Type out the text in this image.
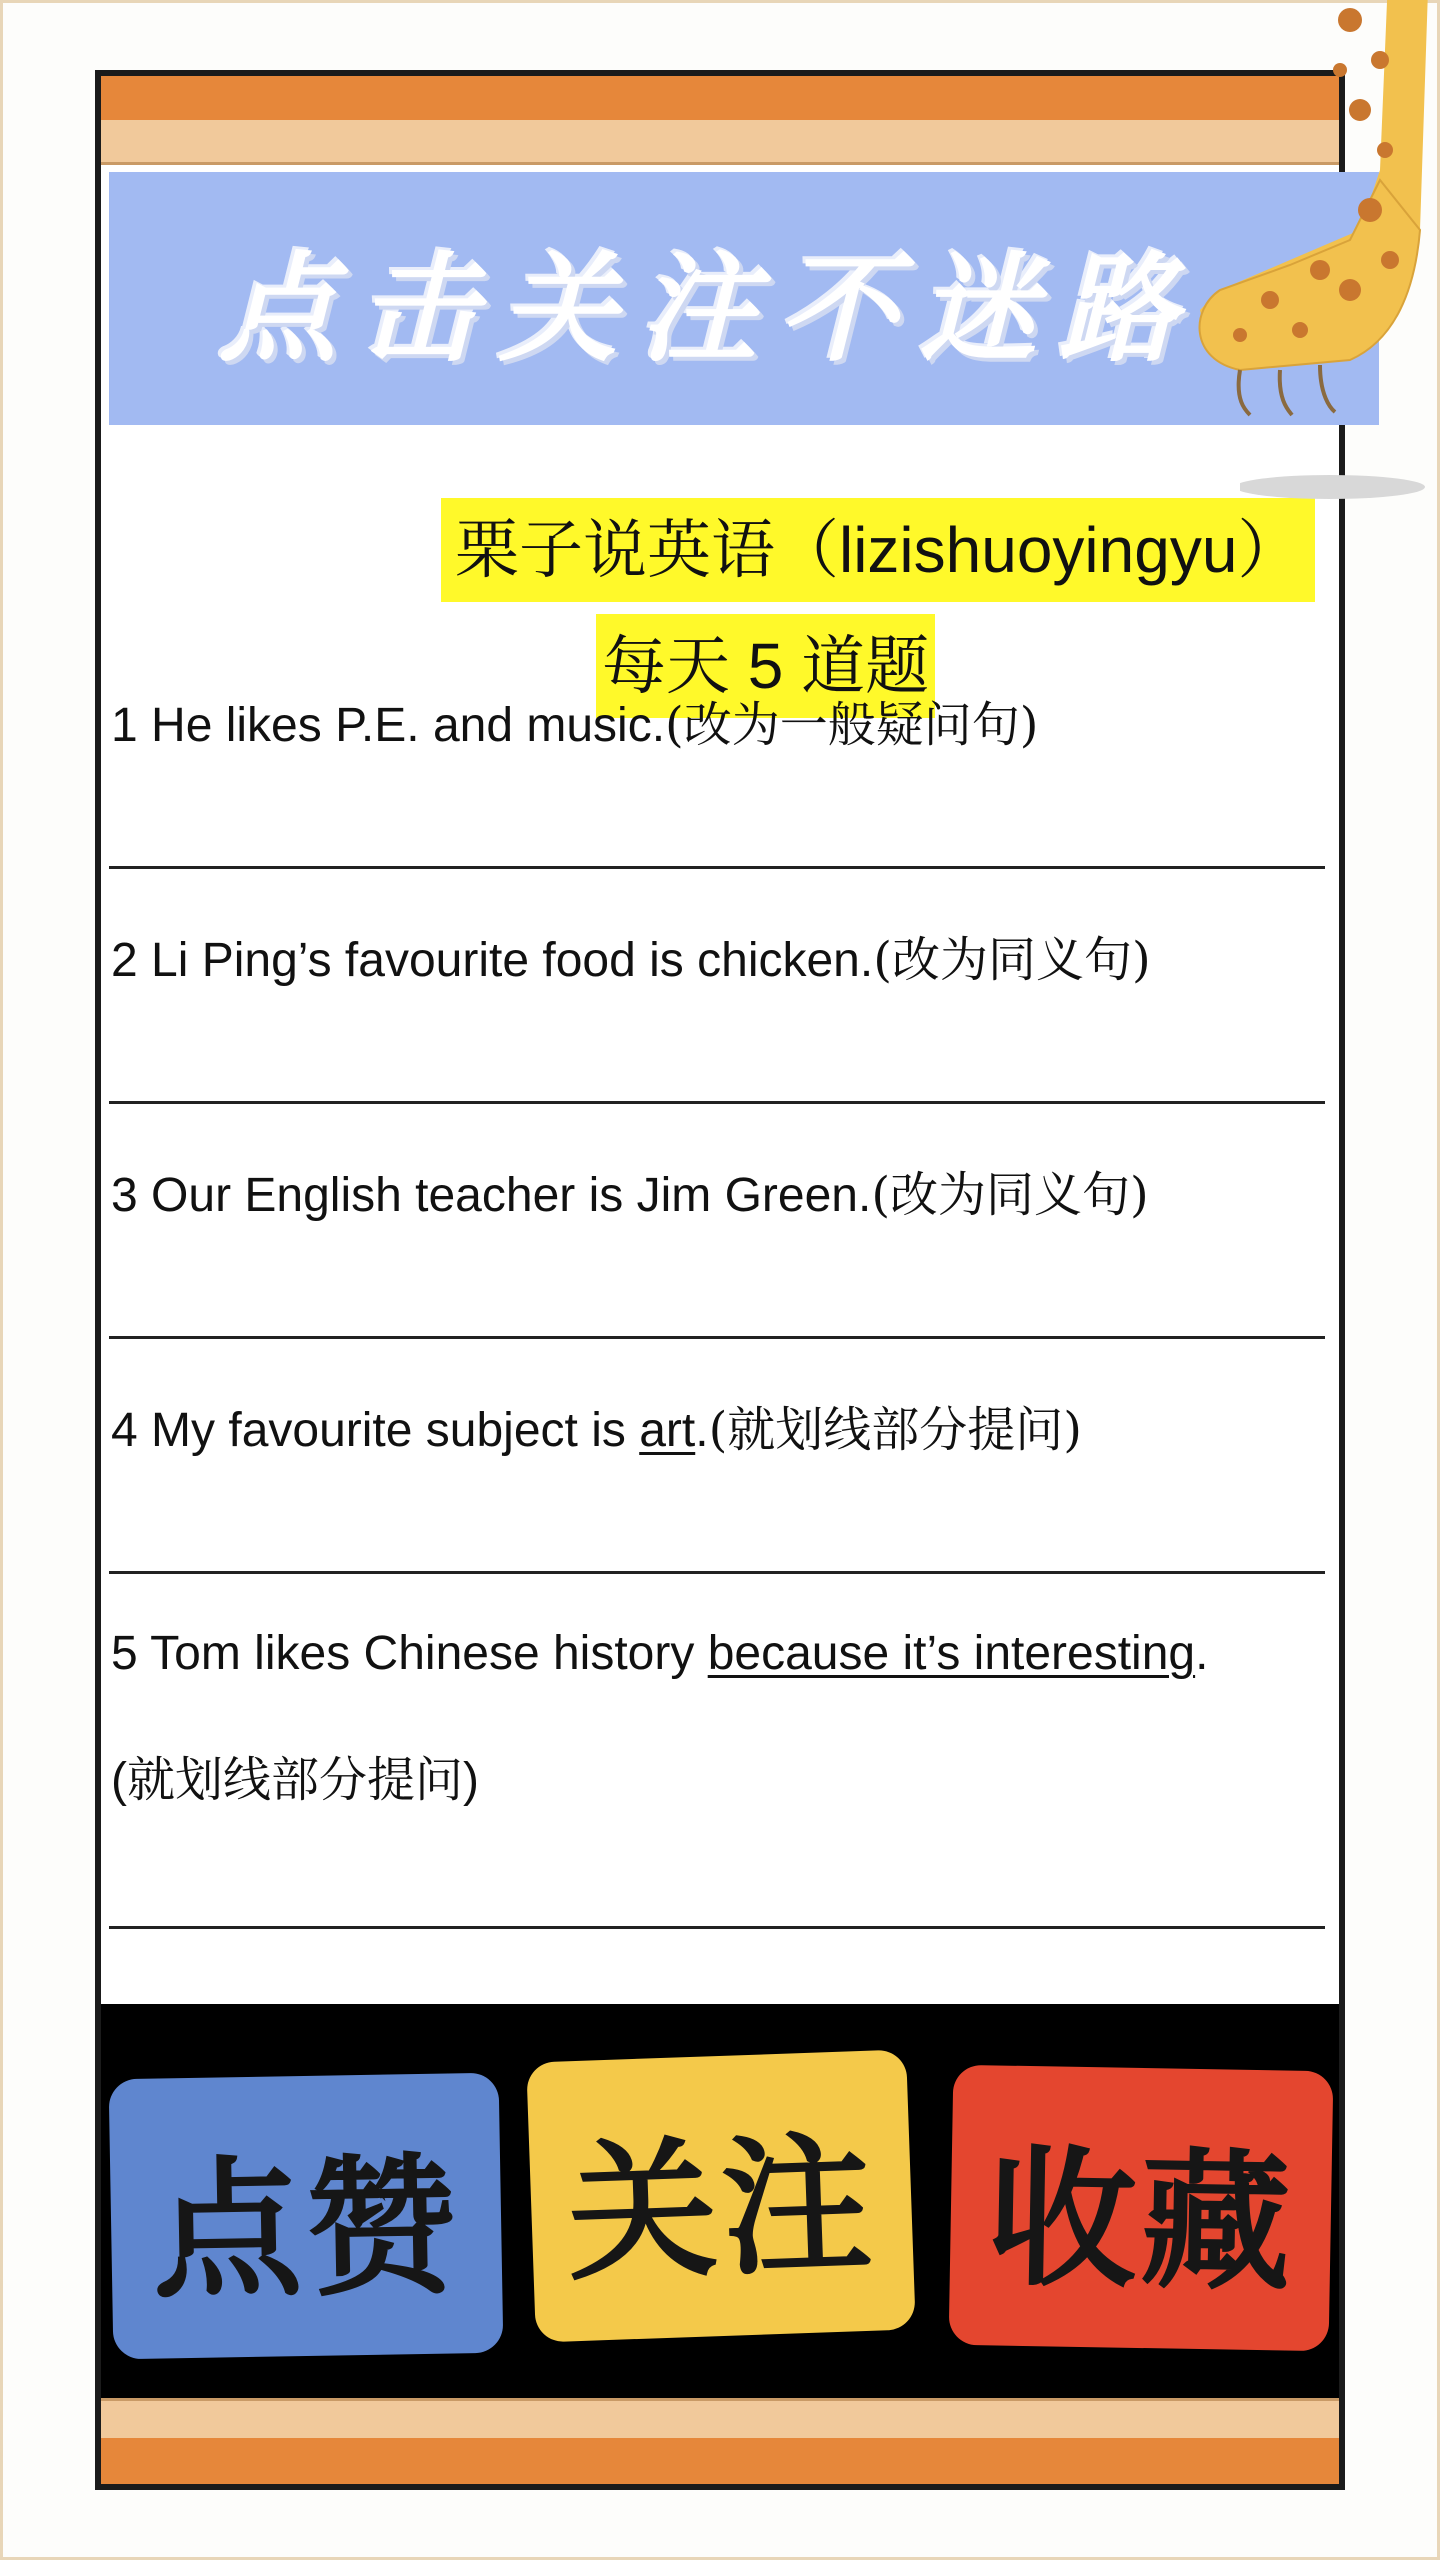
点击关注不迷路
栗子说英语（lizishuoyingyu）
每天 5 道题
1 He likes P.E. and music.(改为一般疑问句)
2 Li Ping’s favourite food is chicken.(改为同义句)
3 Our English teacher is Jim Green.(改为同义句)
4 My favourite subject is art.(就划线部分提问)
5 Tom likes Chinese history because it’s interesting.
(就划线部分提问)
点赞 关注 收藏
